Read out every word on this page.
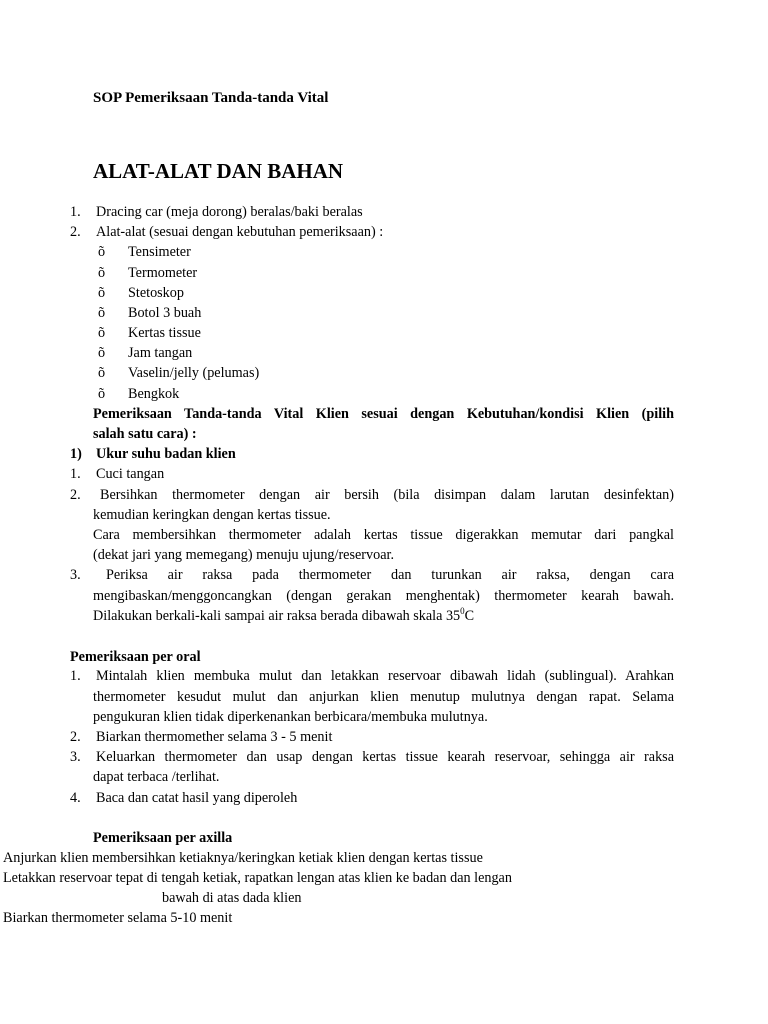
SOP Pemeriksaan Tanda-tanda Vital
ALAT-ALAT DAN BAHAN
1. Dracing car (meja dorong) beralas/baki beralas
2. Alat-alat (sesuai dengan kebutuhan pemeriksaan) :
õ Tensimeter
õ Termometer
õ Stetoskop
õ Botol 3 buah
õ Kertas tissue
õ Jam tangan
õ Vaselin/jelly (pelumas)
õ Bengkok
Pemeriksaan Tanda-tanda Vital Klien sesuai dengan Kebutuhan/kondisi Klien (pilih
salah satu cara) :
1) Ukur suhu badan klien
1. Cuci tangan
2. Bersihkan thermometer dengan air bersih (bila disimpan dalam larutan desinfektan)
kemudian keringkan dengan kertas tissue.
Cara membersihkan thermometer adalah kertas tissue digerakkan memutar dari pangkal
(dekat jari yang memegang) menuju ujung/reservoar.
3. Periksa air raksa pada thermometer dan turunkan air raksa, dengan cara
mengibaskan/menggoncangkan (dengan gerakan menghentak) thermometer kearah bawah.
Dilakukan berkali-kali sampai air raksa berada dibawah skala $35^0C$
Pemeriksaan per oral
1. Mintalah klien membuka mulut dan letakkan reservoar dibawah lidah (sublingual). Arahkan
thermometer kesudut mulut dan anjurkan klien menutup mulutnya dengan rapat. Selama
pengukuran klien tidak diperkenankan berbicara/membuka mulutnya.
2. Biarkan thermomether selama 3 - 5 menit
3. Keluarkan thermometer dan usap dengan kertas tissue kearah reservoar, sehingga air raksa
dapat terbaca /terlihat.
4. Baca dan catat hasil yang diperoleh
Pemeriksaan per axilla
Anjurkan klien membersihkan ketiaknya/keringkan ketiak klien dengan kertas tissue
Letakkan reservoar tepat di tengah ketiak, rapatkan lengan atas klien ke badan dan lengan
bawah di atas dada klien
Biarkan thermometer selama 5-10 menit
